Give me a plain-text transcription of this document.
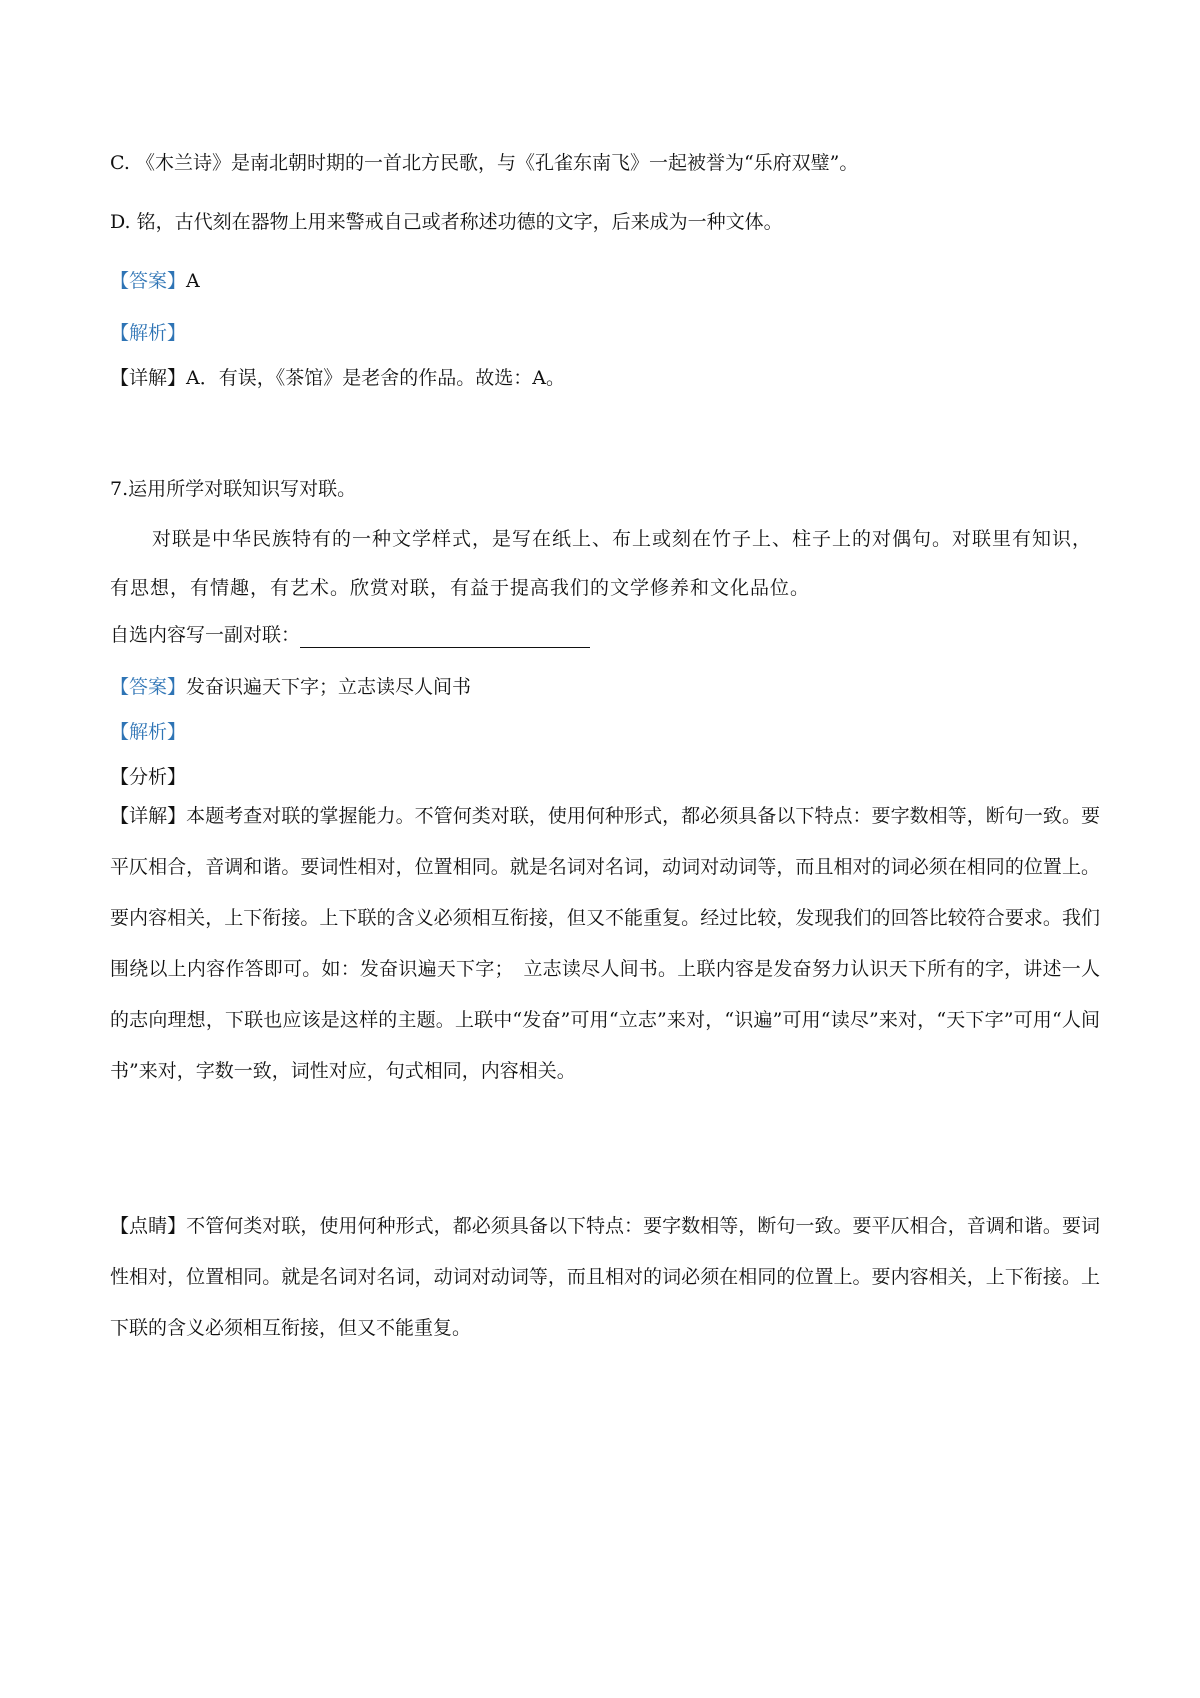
C. 《木兰诗》是南北朝时期的一首北方民歌，与《孔雀东南飞》一起被誉为“乐府双璧”。
D. 铭，古代刻在器物上用来警戒自己或者称述功德的文字，后来成为一种文体。
【答案】A
【解析】
【详解】A．有误，《茶馆》是老舍的作品。故选：A。
7.运用所学对联知识写对联。
对联是中华民族特有的一种文学样式，是写在纸上、布上或刻在竹子上、柱子上的对偶句。对联里有知识，有思想，有情趣，有艺术。欣赏对联，有益于提高我们的文学修养和文化品位。
自选内容写一副对联：
【答案】发奋识遍天下字；立志读尽人间书
【解析】
【分析】
【详解】本题考查对联的掌握能力。不管何类对联，使用何种形式，都必须具备以下特点：要字数相等，断句一致。要平仄相合，音调和谐。要词性相对，位置相同。就是名词对名词，动词对动词等，而且相对的词必须在相同的位置上。要内容相关，上下衔接。上下联的含义必须相互衔接，但又不能重复。经过比较，发现我们的回答比较符合要求。我们围绕以上内容作答即可。如：发奋识遍天下字；　立志读尽人间书。上联内容是发奋努力认识天下所有的字，讲述一人的志向理想，下联也应该是这样的主题。上联中“发奋”可用“立志”来对，“识遍”可用“读尽”来对，“天下字”可用“人间书”来对，字数一致，词性对应，句式相同，内容相关。
【点睛】不管何类对联，使用何种形式，都必须具备以下特点：要字数相等，断句一致。要平仄相合，音调和谐。要词性相对，位置相同。就是名词对名词，动词对动词等，而且相对的词必须在相同的位置上。要内容相关，上下衔接。上下联的含义必须相互衔接，但又不能重复。
